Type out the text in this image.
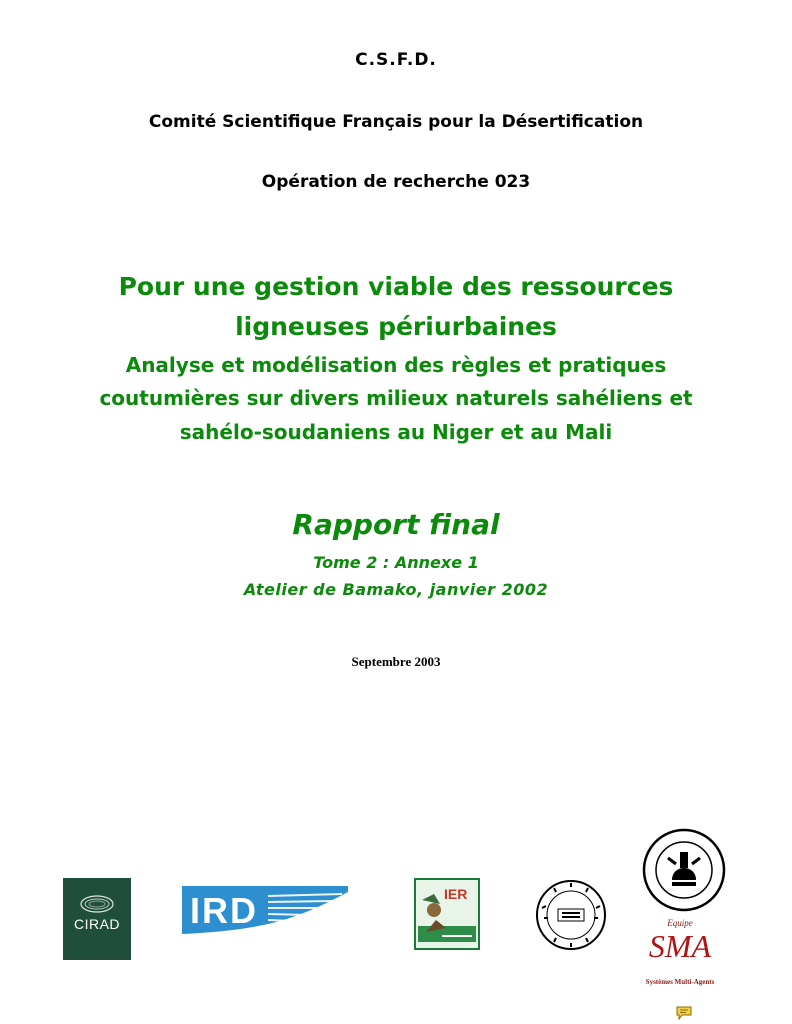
C.S.F.D.
Comité Scientifique Français pour la Désertification
Opération de recherche 023
Pour une gestion viable des ressources
ligneuses périurbaines
Analyse et modélisation des règles et pratiques
coutumières sur divers milieux naturels sahéliens et
sahélo-soudaniens au Niger et au Mali
Rapport final
Tome 2 : Annexe 1
Atelier de Bamako, janvier 2002
Septembre 2003
CIRAD	IRD	IER
Equipe
SMA
Systèmes Multi-Agents
